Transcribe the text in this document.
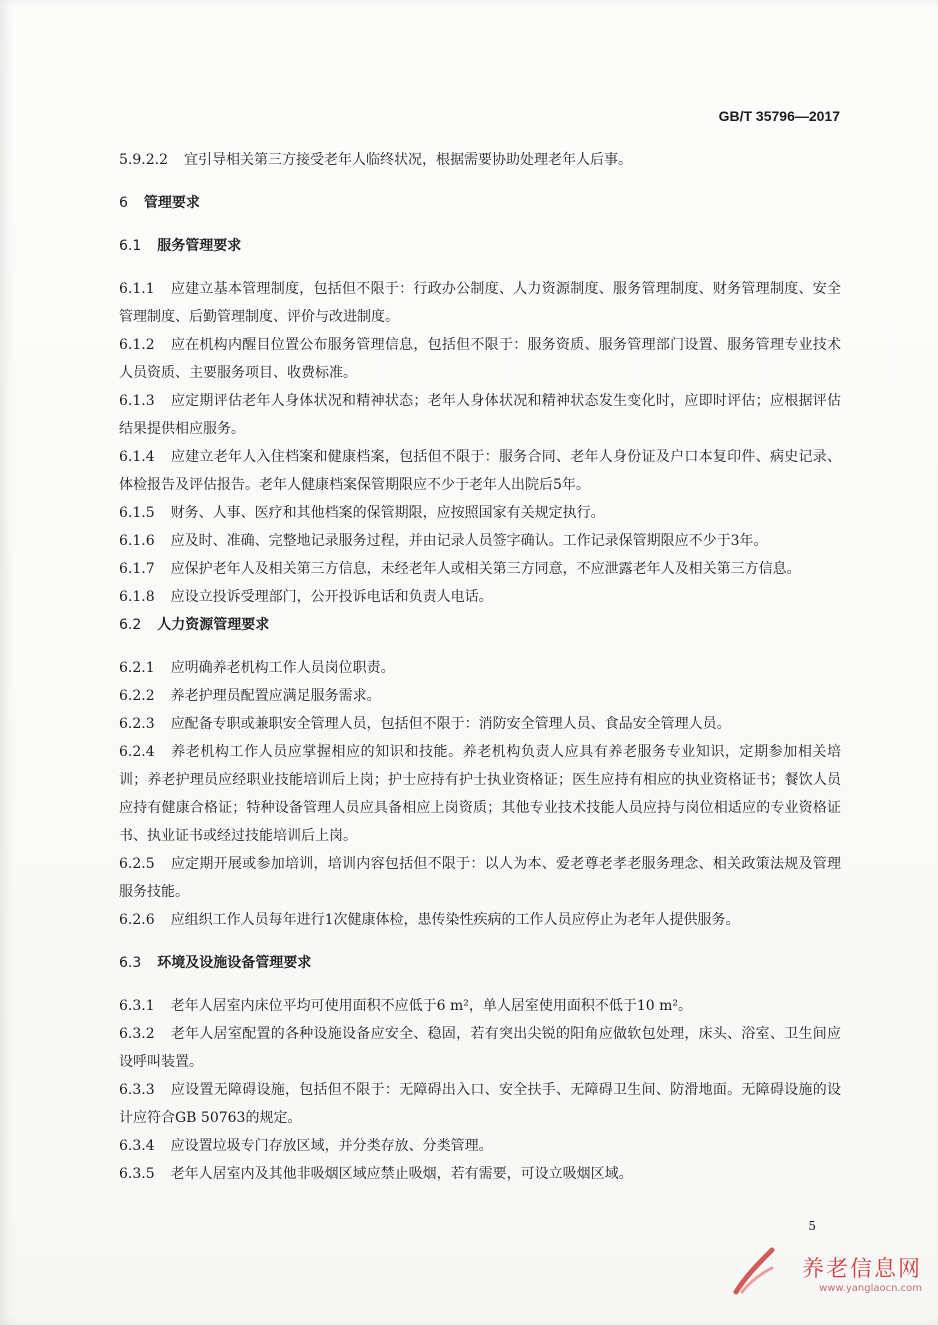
GB/T 35796—2017
5.9.2.2 宜引导相关第三方接受老年人临终状况，根据需要协助处理老年人后事。
6 管理要求
6.1 服务管理要求
6.1.1 应建立基本管理制度，包括但不限于：行政办公制度、人力资源制度、服务管理制度、财务管理制度、安全管理制度、后勤管理制度、评价与改进制度。
6.1.2 应在机构内醒目位置公布服务管理信息，包括但不限于：服务资质、服务管理部门设置、服务管理专业技术人员资质、主要服务项目、收费标准。
6.1.3 应定期评估老年人身体状况和精神状态；老年人身体状况和精神状态发生变化时，应即时评估；应根据评估结果提供相应服务。
6.1.4 应建立老年人入住档案和健康档案，包括但不限于：服务合同、老年人身份证及户口本复印件、病史记录、体检报告及评估报告。老年人健康档案保管期限应不少于老年人出院后5年。
6.1.5 财务、人事、医疗和其他档案的保管期限，应按照国家有关规定执行。
6.1.6 应及时、准确、完整地记录服务过程，并由记录人员签字确认。工作记录保管期限应不少于3年。
6.1.7 应保护老年人及相关第三方信息，未经老年人或相关第三方同意，不应泄露老年人及相关第三方信息。
6.1.8 应设立投诉受理部门，公开投诉电话和负责人电话。
6.2 人力资源管理要求
6.2.1 应明确养老机构工作人员岗位职责。
6.2.2 养老护理员配置应满足服务需求。
6.2.3 应配备专职或兼职安全管理人员，包括但不限于：消防安全管理人员、食品安全管理人员。
6.2.4 养老机构工作人员应掌握相应的知识和技能。养老机构负责人应具有养老服务专业知识，定期参加相关培训；养老护理员应经职业技能培训后上岗；护士应持有护士执业资格证；医生应持有相应的执业资格证书；餐饮人员应持有健康合格证；特种设备管理人员应具备相应上岗资质；其他专业技术技能人员应持与岗位相适应的专业资格证书、执业证书或经过技能培训后上岗。
6.2.5 应定期开展或参加培训，培训内容包括但不限于：以人为本、爱老尊老孝老服务理念、相关政策法规及管理服务技能。
6.2.6 应组织工作人员每年进行1次健康体检，患传染性疾病的工作人员应停止为老年人提供服务。
6.3 环境及设施设备管理要求
6.3.1 老年人居室内床位平均可使用面积不应低于6 m²，单人居室使用面积不低于10 m²。
6.3.2 老年人居室配置的各种设施设备应安全、稳固，若有突出尖锐的阳角应做软包处理，床头、浴室、卫生间应设呼叫装置。
6.3.3 应设置无障碍设施，包括但不限于：无障碍出入口、安全扶手、无障碍卫生间、防滑地面。无障碍设施的设计应符合GB 50763的规定。
6.3.4 应设置垃圾专门存放区域，并分类存放、分类管理。
6.3.5 老年人居室内及其他非吸烟区域应禁止吸烟，若有需要，可设立吸烟区域。
5
养老信息网
www.yanglaocn.com
